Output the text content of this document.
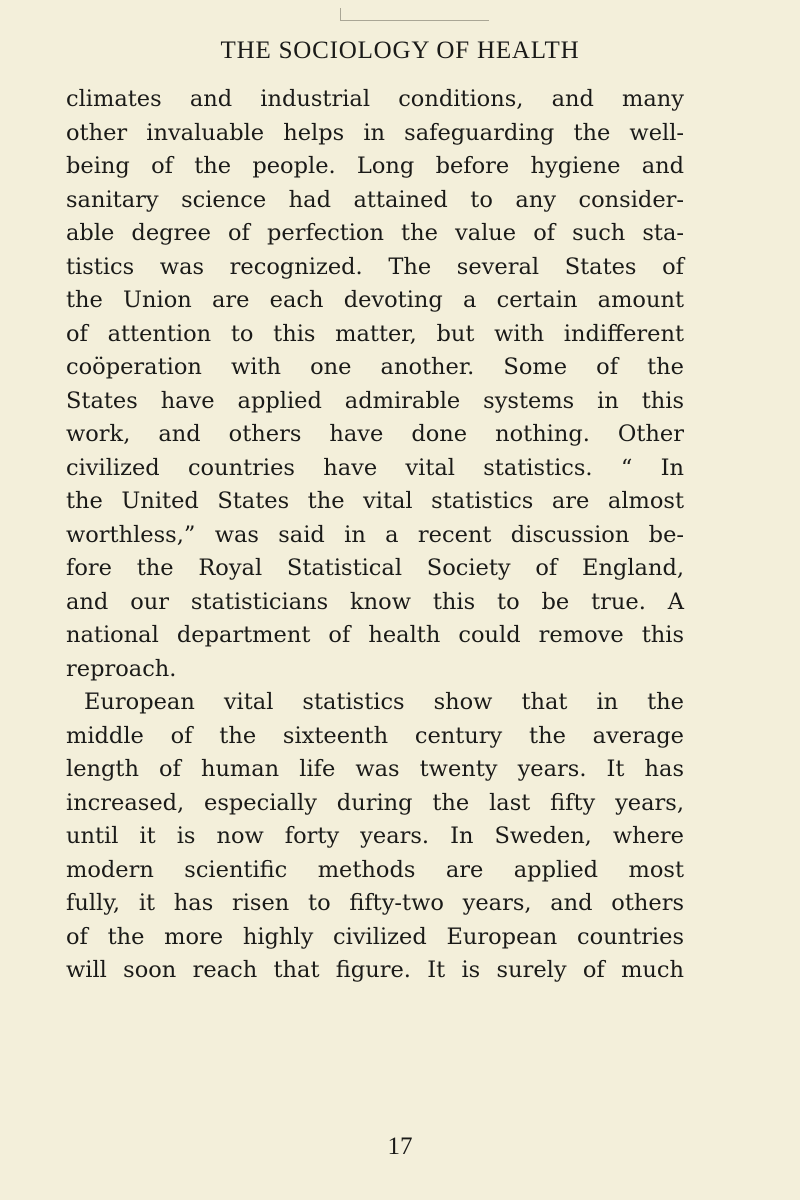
THE SOCIOLOGY OF HEALTH
climates and industrial conditions, and many
other invaluable helps in safeguarding the well-
being of the people. Long before hygiene and
sanitary science had attained to any consider-
able degree of perfection the value of such sta-
tistics was recognized. The several States of
the Union are each devoting a certain amount
of attention to this matter, but with indifferent
coöperation with one another. Some of the
States have applied admirable systems in this
work, and others have done nothing. Other
civilized countries have vital statistics. “ In
the United States the vital statistics are almost
worthless,” was said in a recent discussion be-
fore the Royal Statistical Society of England,
and our statisticians know this to be true. A
national department of health could remove this
reproach.
European vital statistics show that in the
middle of the sixteenth century the average
length of human life was twenty years. It has
increased, especially during the last fifty years,
until it is now forty years. In Sweden, where
modern scientific methods are applied most
fully, it has risen to fifty-two years, and others
of the more highly civilized European countries
will soon reach that figure. It is surely of much
17
